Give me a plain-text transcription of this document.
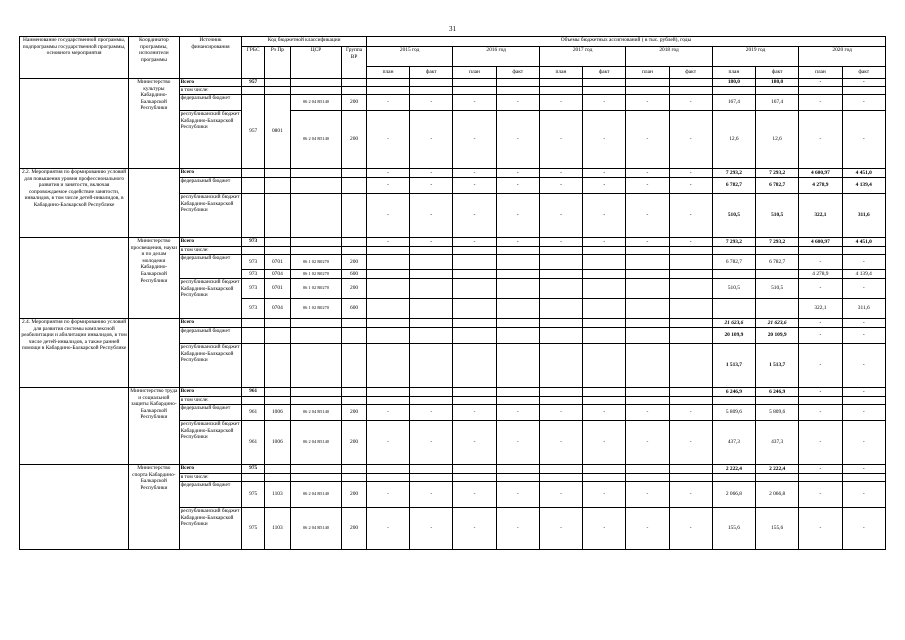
31
Наименование государственной программы, подпрограммы государственной программы, основного мероприятия	Координатор программы, исполнители программы	Источник финансирования	Код бюджетной классификации				Объемы бюджетных ассигнований ( в тыс. рублей), годы											
			ГРБС	Рз Пр	ЦСР	Группа ВР	2015 год		2016 год		2017 год		2018 год		2019 год		2020 год	
							план	факт	план	факт	план	факт	план	факт	план	факт	план	факт
	Министерство культуры Кабардино-Балкарской Республики	Всего	957												180,0	180,0	-	-
		в том числе:																
		федеральный бюджет	957	0801	06 2 04 R5140	200	-	-	-	-	-	-	-	-	167,4	167,4	-	-
		республиканский бюджет Кабардино-Балкарской Республики			06 2 04 R5140	200	-	-	-	-	-	-	-	-	12,6	12,6	-	-
2.2. Мероприятия по формированию условий для повышения уровня профессионального развития и занятости, включая сопровождаемое содействие занятости, инвалидов, в том числе детей-инвалидов, в Кабардино-Балкарской Республике		Всего					-	-	-	-	-	-	-	-	7 293,2	7 293,2	4 600,97	4 451,0
		федеральный бюджет					-	-	-	-	-	-	-	-	6 782,7	6 782,7	4 278,9	4 139,4
		республиканский бюджет Кабардино-Балкарской Республики					-	-	-	-	-	-	-	-	510,5	510,5	322,1	311,6
	Министерство просвещения, науки и по делам молодежи Кабардино-Балкарской Республики	Всего	973				-	-	-	-	-	-	-	-	7 293,2	7 293,2	4 600,97	4 451,0
		в том числе:																
		федеральный бюджет	973	0701	06 1 02 R0270	200									6 782,7	6 782,7	-	-
			973	0704	06 1 02 R0270	600											4 278,9	4 139,4
		республиканский бюджет Кабардино-Балкарской Республики	973	0701	06 1 02 R0270	200									510,5	510,5	-	-
			973	0704	06 1 02 R0270	600											322,1	311,6
2.4. Мероприятия по формированию условий для развития системы комплексной реабилитации и абилитации инвалидов, в том числе детей-инвалидов, а также ранней помощи в Кабардино-Балкарской Республике		Всего													21 623,6	21 623,6	-	-
		федеральный бюджет													20 109,9	20 109,9	-	-
		республиканский бюджет Кабардино-Балкарской Республики													1 513,7	1 513,7	-	-
	Министерство труда и социальной защиты Кабардино-Балкарской Республики	Всего	961												6 246,9	6 246,9	-	-
		в том числе:																
		федеральный бюджет	961	1006	06 2 04 R5140	200	-	-	-	-	-	-	-	-	5 809,6	5 809,6	-	-
		республиканский бюджет Кабардино-Балкарской Республики	961	1006	06 2 04 R5140	200	-	-	-	-	-	-	-	-	437,3	437,3	-	-
	Министерство спорта Кабардино-Балкарской Республики	Всего	975												2 222,4	2 222,4	-	-
		в том числе:																
		федеральный бюджет	975	1103	06 2 04 R5140	200	-	-	-	-	-	-	-	-	2 066,8	2 066,8	-	-
		республиканский бюджет Кабардино-Балкарской Республики	975	1103	06 2 04 R5140	200	-	-	-	-	-	-	-	-	155,6	155,6	-	-
